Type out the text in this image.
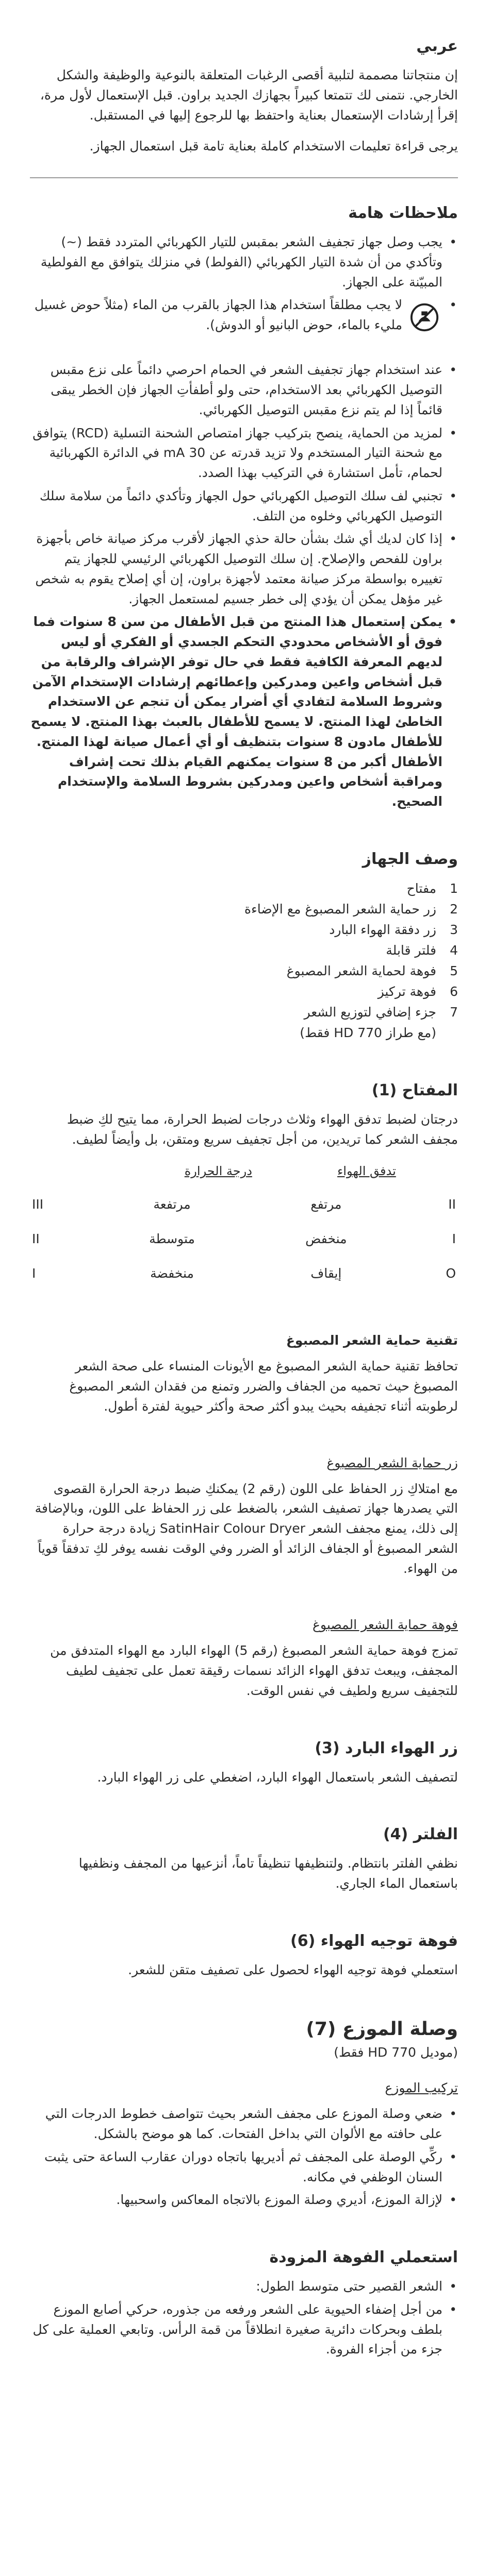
عربي

إن منتجاتنا مصممة لتلبية أقصى الرغبات المتعلقة بالنوعية والوظيفة والشكل الخارجي. نتمنى لك تتمتعا كبيراً بجهازك الجديد براون. قبل الإستعمال لأول مرة، إقرأ إرشادات الإستعمال بعناية واحتفظ بها للرجوع إليها في المستقبل.

يرجى قراءة تعليمات الاستخدام كاملة بعناية تامة قبل استعمال الجهاز.

ملاحظات هامة
• يجب وصل جهاز تجفيف الشعر بمقبس للتيار الكهربائي المتردد فقط (~) وتأكدي من أن شدة التيار الكهربائي (الفولط) في منزلك يتوافق مع الفولطية المبيّنة على الجهاز.
• لا يجب مطلقاً استخدام هذا الجهاز بالقرب من الماء (مثلاً حوض غسيل مليء بالماء، حوض البانيو أو الدوش).
• عند استخدام جهاز تجفيف الشعر في الحمام احرصي دائماً على نزع مقبس التوصيل الكهربائي بعد الاستخدام، حتى ولو أطفأتِ الجهاز فإن الخطر يبقى قائماً إذا لم يتم نزع مقبس التوصيل الكهربائي.
• لمزيد من الحماية، ينصح بتركيب جهاز امتصاص الشحنة التسلية (RCD) يتوافق مع شحنة التيار المستخدم ولا تزيد قدرته عن 30 mA في الدائرة الكهربائية لحمام، تأمل استشارة في التركيب بهذا الصدد.
• تجنبي لف سلك التوصيل الكهربائي حول الجهاز وتأكدي دائماً من سلامة سلك التوصيل الكهربائي وخلوه من التلف.
• إذا كان لديك أي شك بشأن حالة حذي الجهاز لأقرب مركز صيانة خاص بأجهزة براون للفحص والإصلاح. إن سلك التوصيل الكهربائي الرئيسي للجهاز يتم تغييره بواسطة مركز صيانة معتمد لأجهزة براون، إن أي إصلاح يقوم به شخص غير مؤهل يمكن أن يؤدي إلى خطر جسيم لمستعمل الجهاز.
• يمكن إستعمال هذا المنتج من قبل الأطفال من سن 8 سنوات فما فوق أو الأشخاص محدودي التحكم الجسدي أو الفكري أو ليس لديهم المعرفة الكافية فقط في حال توفر الإشراف والرقابة من قبل أشخاص واعين ومدركين وإعطائهم إرشادات الإستخدام الآمن وشروط السلامة لتفادي أي أضرار يمكن أن تنجم عن الاستخدام الخاطئ لهذا المنتج. لا يسمح للأطفال بالعبث بهذا المنتج. لا يسمح للأطفال مادون 8 سنوات بتنظيف أو أي أعمال صيانة لهذا المنتج. الأطفال أكبر من 8 سنوات يمكنهم القيام بذلك تحت إشراف ومراقبة أشخاص واعين ومدركين بشروط السلامة والإستخدام الصحيح.
وصف الجهاز
1
مفتاح
2
زر حماية الشعر المصبوغ مع الإضاءة
3
زر دفقة الهواء البارد
4
فلتر قابلة
5
فوهة لحماية الشعر المصبوغ
6
فوهة تركيز
7
جزء إضافي لتوزيع الشعر
(مع طراز HD 770 فقط)
المفتاح (1)

درجتان لضبط تدفق الهواء وثلاث درجات لضبط الحرارة، مما يتيح لكِ ضبط مجفف الشعر كما تريدين، من أجل تجفيف سريع ومتقن، بل وأيضاً لطيف.

	تدفق الهواء	درجة الحرارة	
II	مرتفع	مرتفعة	III
I	منخفض	متوسطة	II
O	إيقاف	منخفضة	I
تقنية حماية الشعر المصبوغ

تحافظ تقنية حماية الشعر المصبوغ مع الأيونات المنساء على صحة الشعر المصبوغ حيث تحميه من الجفاف والضرر وتمنع من فقدان الشعر المصبوغ لرطوبته أثناء تجفيفه بحيث يبدو أكثر صحة وأكثر حيوية لفترة أطول.

زر حماية الشعر المصبوغ

مع امتلاكِ زر الحفاظ على اللون (رقم 2) يمكنكِ ضبط درجة الحرارة القصوى التي يصدرها جهاز تصفيف الشعر، بالضغط على زر الحفاظ على اللون، وبالإضافة إلى ذلك، يمنع مجفف الشعر SatinHair Colour Dryer زيادة درجة حرارة الشعر المصبوغ أو الجفاف الزائد أو الضرر وفي الوقت نفسه يوفر لكِ تدفقاً قوياً من الهواء.

فوهة حماية الشعر المصبوغ

تمزج فوهة حماية الشعر المصبوغ (رقم 5) الهواء البارد مع الهواء المتدفق من المجفف، ويبعث تدفق الهواء الزائد نسمات رقيقة تعمل على تجفيف لطيف للتجفيف سريع ولطيف في نفس الوقت.

زر الهواء البارد (3)

لتصفيف الشعر باستعمال الهواء البارد، اضغطي على زر الهواء البارد.

الفلتر (4)

نظفي الفلتر بانتظام. ولتنظيفها تنظيفاً تاماً، أنزعيها من المجفف ونظفيها باستعمال الماء الجاري.

فوهة توجيه الهواء (6)

استعملي فوهة توجيه الهواء لحصول على تصفيف متقن للشعر.

وصلة الموزع (7)
(موديل HD 770 فقط)
تركيب الموزع
• ضعي وصلة الموزع على مجفف الشعر بحيث تتواصف خطوط الدرجات التي على حافته مع الألوان التي بداخل الفتحات. كما هو موضح بالشكل.
• ركِّي الوصلة على المجفف ثم أديريها باتجاه دوران عقارب الساعة حتى يثبت السنان الوظفي في مكانه.
• لإزالة الموزع، أديري وصلة الموزع بالاتجاه المعاكس واسحبيها.
استعملي الفوهة المزودة
• الشعر القصير حتى متوسط الطول:
• من أجل إضفاء الحيوية على الشعر ورفعه من جذوره، حركي أصابع الموزع بلطف وبحركات دائرية صغيرة انطلاقاً من قمة الرأس. وتابعي العملية على كل جزء من أجزاء الفروة.
